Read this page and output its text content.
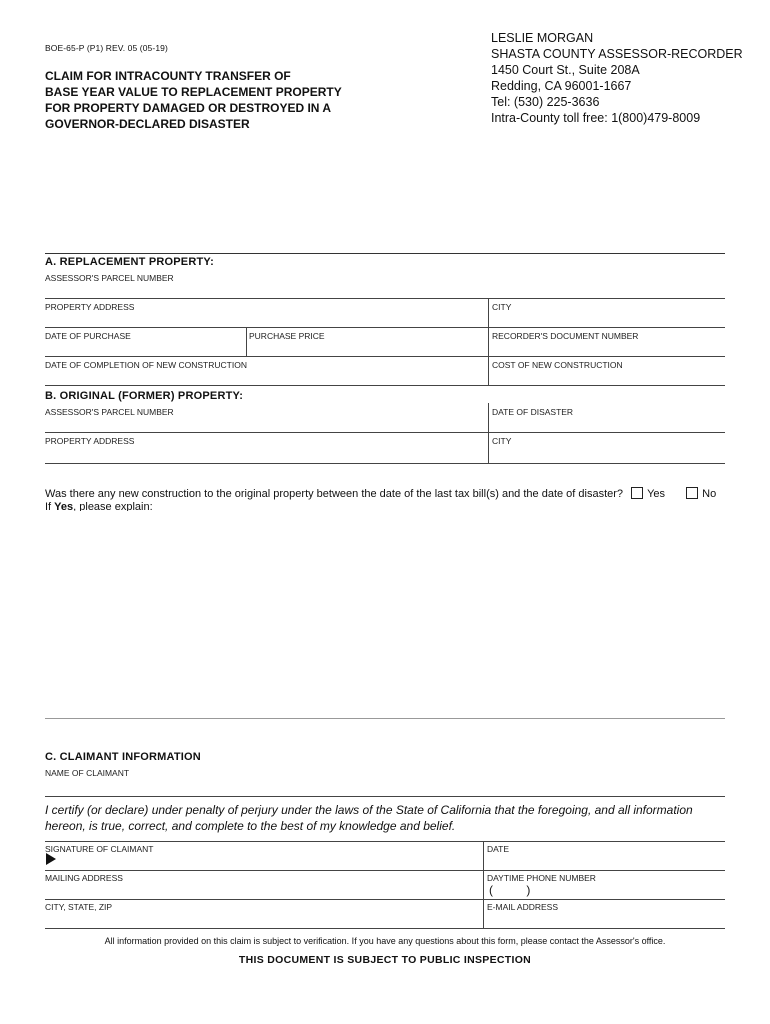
BOE-65-P (P1) REV. 05 (05-19)
CLAIM FOR INTRACOUNTY TRANSFER OF
BASE YEAR VALUE TO REPLACEMENT PROPERTY
FOR PROPERTY DAMAGED OR DESTROYED IN A
GOVERNOR-DECLARED DISASTER
LESLIE MORGAN
SHASTA COUNTY ASSESSOR-RECORDER
1450 Court St., Suite 208A
Redding, CA 96001-1667
Tel: (530) 225-3636
Intra-County toll free: 1(800)479-8009
A. REPLACEMENT PROPERTY:
ASSESSOR'S PARCEL NUMBER
PROPERTY ADDRESS	CITY
DATE OF PURCHASE	PURCHASE PRICE	RECORDER'S DOCUMENT NUMBER
DATE OF COMPLETION OF NEW CONSTRUCTION	COST OF NEW CONSTRUCTION
B. ORIGINAL (FORMER) PROPERTY:
ASSESSOR'S PARCEL NUMBER	DATE OF DISASTER
PROPERTY ADDRESS	CITY
Was there any new construction to the original property between the date of the last tax bill(s) and the date of disaster? Yes	No
If Yes, please explain:
C. CLAIMANT INFORMATION
NAME OF CLAIMANT
I certify (or declare) under penalty of perjury under the laws of the State of California that the foregoing, and all information hereon, is true, correct, and complete to the best of my knowledge and belief.
SIGNATURE OF CLAIMANT	DATE
MAILING ADDRESS	DAYTIME PHONE NUMBER
(          )
CITY, STATE, ZIP	E-MAIL ADDRESS
All information provided on this claim is subject to verification. If you have any questions about this form, please contact the Assessor's office.
THIS DOCUMENT IS SUBJECT TO PUBLIC INSPECTION
